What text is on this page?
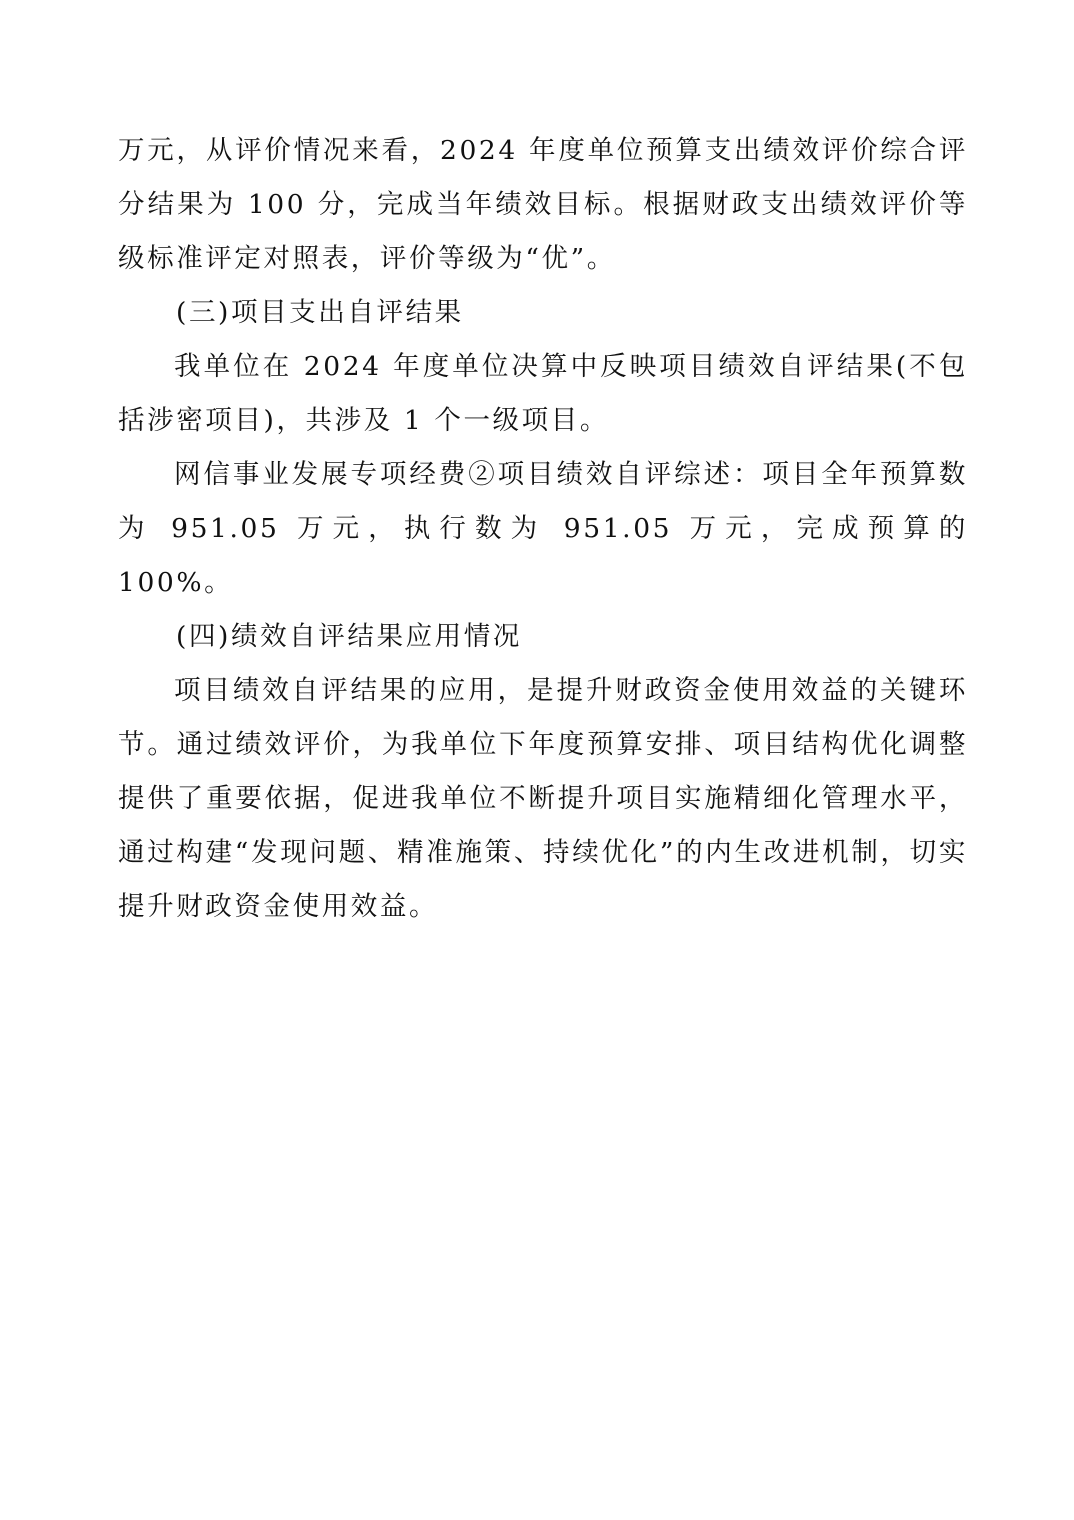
万元，从评价情况来看，2024 年度单位预算支出绩效评价综合评分结果为 100 分，完成当年绩效目标。根据财政支出绩效评价等级标准评定对照表，评价等级为“优”。

(三)项目支出自评结果

我单位在 2024 年度单位决算中反映项目绩效自评结果(不包括涉密项目)，共涉及 1 个一级项目。

网信事业发展专项经费②项目绩效自评综述：项目全年预算数为 951.05 万元，执行数为 951.05 万元，完成预算的 100%。

(四)绩效自评结果应用情况

项目绩效自评结果的应用，是提升财政资金使用效益的关键环节。通过绩效评价，为我单位下年度预算安排、项目结构优化调整提供了重要依据，促进我单位不断提升项目实施精细化管理水平，通过构建“发现问题、精准施策、持续优化”的内生改进机制，切实提升财政资金使用效益。
